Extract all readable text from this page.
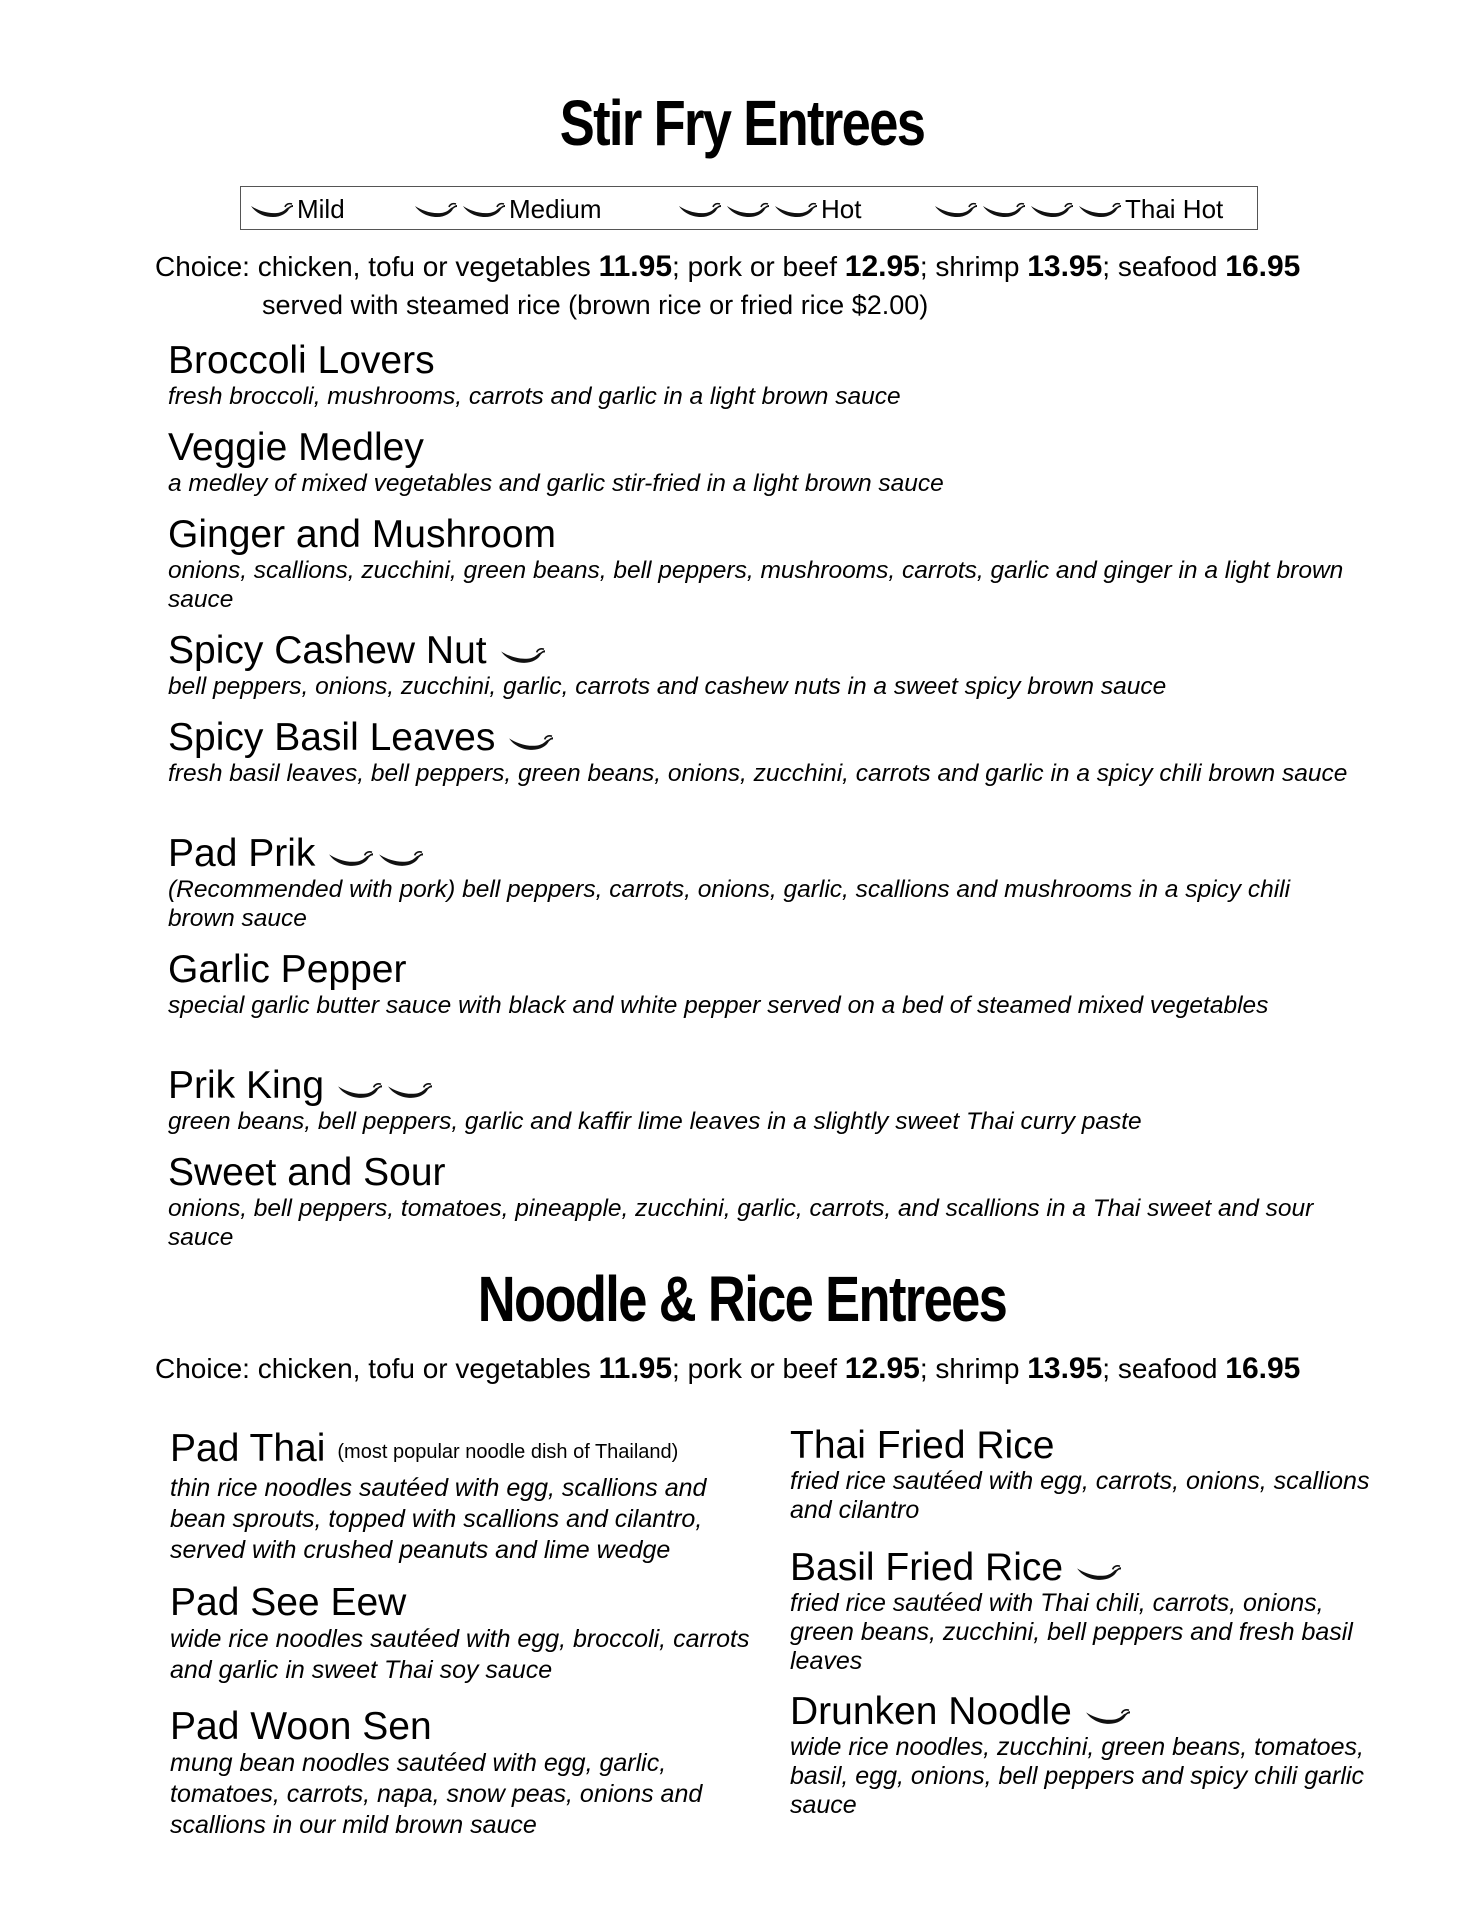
Stir Fry Entrees
Mild	Medium	Hot	Thai Hot
Choice: chicken, tofu or vegetables 11.95; pork or beef 12.95; shrimp 13.95; seafood 16.95
served with steamed rice (brown rice or fried rice $2.00)
Broccoli Lovers
fresh broccoli, mushrooms, carrots and garlic in a light brown sauce
Veggie Medley
a medley of mixed vegetables and garlic stir-fried in a light brown sauce
Ginger and Mushroom
onions, scallions, zucchini, green beans, bell peppers, mushrooms, carrots, garlic and ginger in a light brown sauce
Spicy Cashew Nut
bell peppers, onions, zucchini, garlic, carrots and cashew nuts in a sweet spicy brown sauce
Spicy Basil Leaves
fresh basil leaves, bell peppers, green beans, onions, zucchini, carrots and garlic in a spicy chili brown sauce
Pad Prik
(Recommended with pork) bell peppers, carrots, onions, garlic, scallions and mushrooms in a spicy chili brown sauce
Garlic Pepper
special garlic butter sauce with black and white pepper served on a bed of steamed mixed vegetables
Prik King
green beans, bell peppers, garlic and kaffir lime leaves in a slightly sweet Thai curry paste
Sweet and Sour
onions, bell peppers, tomatoes, pineapple, zucchini, garlic, carrots, and scallions in a Thai sweet and sour sauce
Noodle & Rice Entrees
Choice: chicken, tofu or vegetables 11.95; pork or beef 12.95; shrimp 13.95; seafood 16.95
Pad Thai (most popular noodle dish of Thailand)
thin rice noodles sautéed with egg, scallions and bean sprouts, topped with scallions and cilantro, served with crushed peanuts and lime wedge
Pad See Eew
wide rice noodles sautéed with egg, broccoli, carrots and garlic in sweet Thai soy sauce
Pad Woon Sen
mung bean noodles sautéed with egg, garlic, tomatoes, carrots, napa, snow peas, onions and scallions in our mild brown sauce
Thai Fried Rice
fried rice sautéed with egg, carrots, onions, scallions and cilantro
Basil Fried Rice
fried rice sautéed with Thai chili, carrots, onions, green beans, zucchini, bell peppers and fresh basil leaves
Drunken Noodle
wide rice noodles, zucchini, green beans, tomatoes, basil, egg, onions, bell peppers and spicy chili garlic sauce
